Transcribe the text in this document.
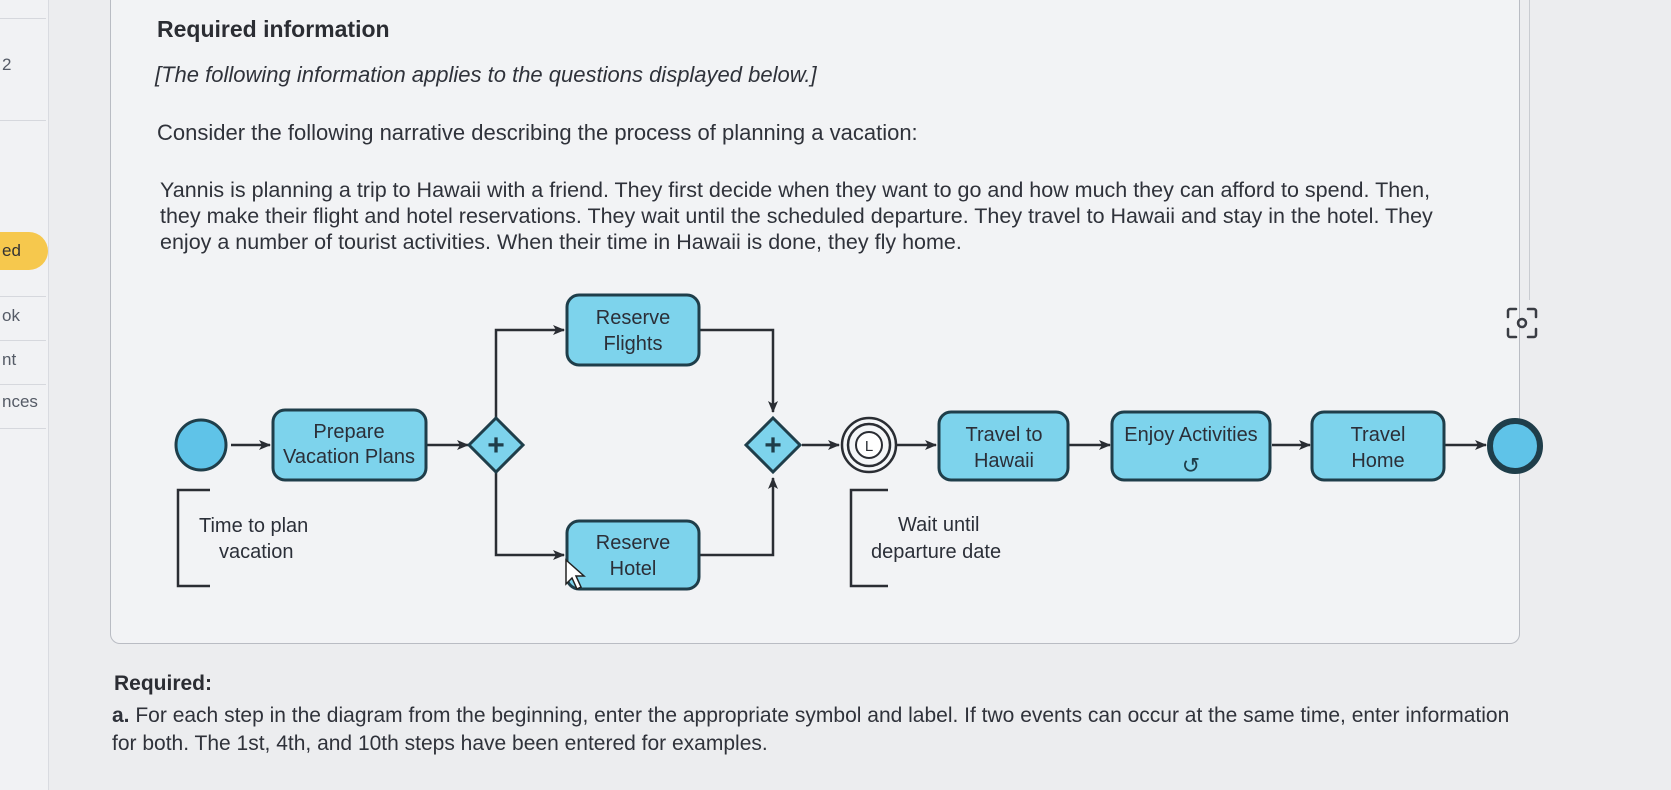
2
ed
ok
nt
nces
Required information
[The following information applies to the questions displayed below.]
Consider the following narrative describing the process of planning a vacation:
Yannis is planning a trip to Hawaii with a friend. They first decide when they want to go and how much they can afford to spend. Then, they make their flight and hotel reservations. They wait until the scheduled departure. They travel to Hawaii and stay in the hotel. They enjoy a number of tourist activities. When their time in Hawaii is done, they fly home.
Prepare
Vacation Plans +
Reserve
Flights
Reserve
Hotel
+	L
Travel to
Hawaii
Enjoy Activities
↺
Travel
Home
Time to plan
vacation
Wait until
departure date
Required:
a. For each step in the diagram from the beginning, enter the appropriate symbol and label. If two events can occur at the same time, enter information for both. The 1st, 4th, and 10th steps have been entered for examples.
